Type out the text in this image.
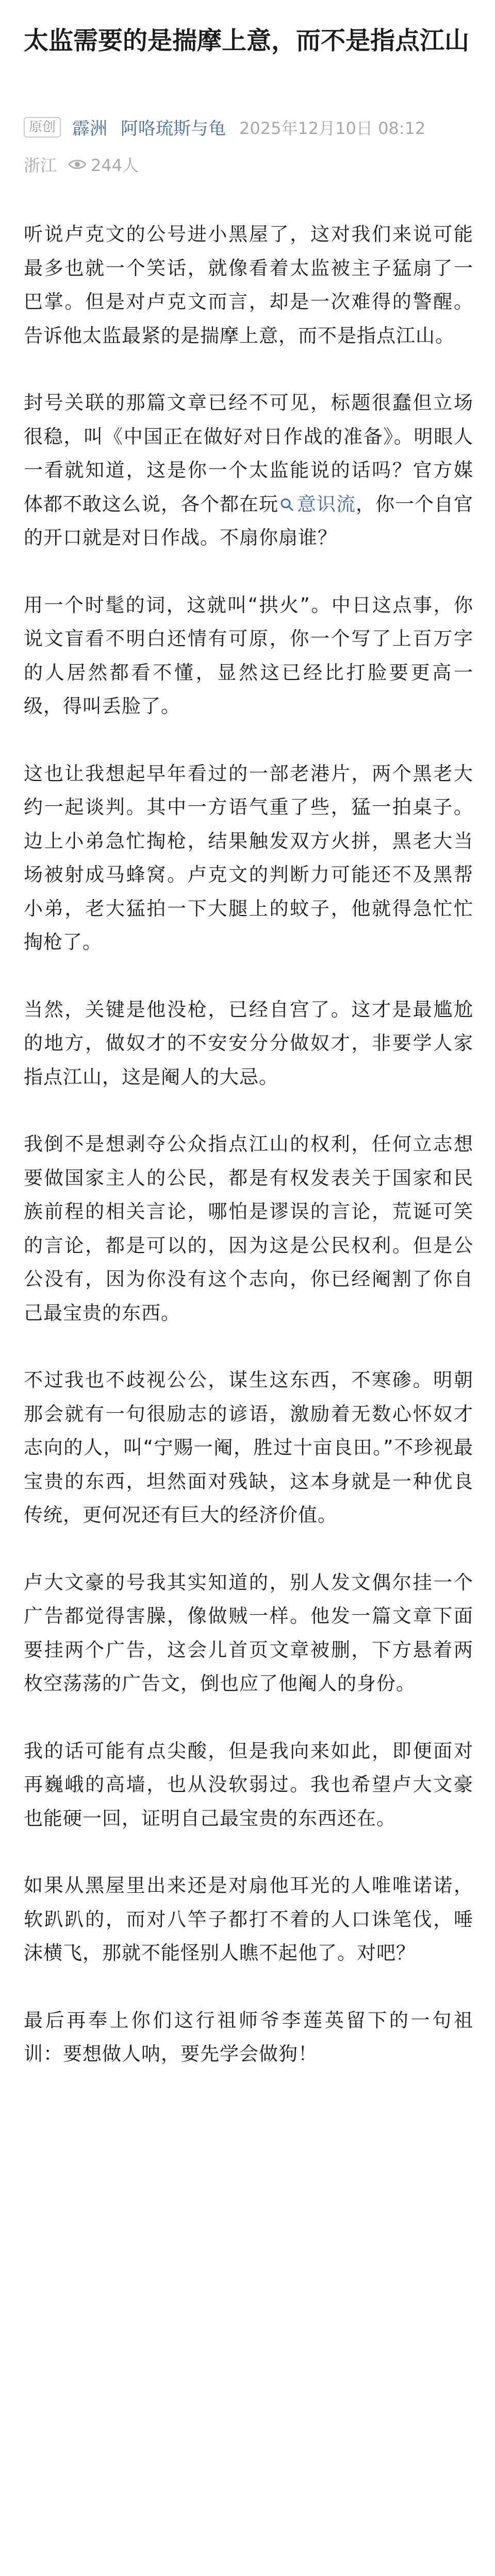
太监需要的是揣摩上意，而不是指点江山
原创 霹洲 阿咯琉斯与龟 2025年12月10日 08:12
浙江 244人

听说卢克文的公号进小黑屋了，这对我们来说可能最多也就一个笑话，就像看着太监被主子猛扇了一巴掌。但是对卢克文而言，却是一次难得的警醒。告诉他太监最紧的是揣摩上意，而不是指点江山。

封号关联的那篇文章已经不可见，标题很蠢但立场很稳，叫《中国正在做好对日作战的准备》。明眼人一看就知道，这是你一个太监能说的话吗？官方媒体都不敢这么说，各个都在玩 意识流，你一个自官的开口就是对日作战。不扇你扇谁？

用一个时髦的词，这就叫“拱火”。中日这点事，你说文盲看不明白还情有可原，你一个写了上百万字的人居然都看不懂，显然这已经比打脸要更高一级，得叫丢脸了。

这也让我想起早年看过的一部老港片，两个黑老大约一起谈判。其中一方语气重了些，猛一拍桌子。边上小弟急忙掏枪，结果触发双方火拼，黑老大当场被射成马蜂窝。卢克文的判断力可能还不及黑帮小弟，老大猛拍一下大腿上的蚊子，他就得急忙忙掏枪了。

当然，关键是他没枪，已经自宫了。这才是最尴尬的地方，做奴才的不安安分分做奴才，非要学人家指点江山，这是阉人的大忌。

我倒不是想剥夺公众指点江山的权利，任何立志想要做国家主人的公民，都是有权发表关于国家和民族前程的相关言论，哪怕是谬误的言论，荒诞可笑的言论，都是可以的，因为这是公民权利。但是公公没有，因为你没有这个志向，你已经阉割了你自己最宝贵的东西。

不过我也不歧视公公，谋生这东西，不寒碜。明朝那会就有一句很励志的谚语，激励着无数心怀奴才志向的人，叫“宁赐一阉，胜过十亩良田。”不珍视最宝贵的东西，坦然面对残缺，这本身就是一种优良传统，更何况还有巨大的经济价值。

卢大文豪的号我其实知道的，别人发文偶尔挂一个广告都觉得害臊，像做贼一样。他发一篇文章下面要挂两个广告，这会儿首页文章被删，下方悬着两枚空荡荡的广告文，倒也应了他阉人的身份。

我的话可能有点尖酸，但是我向来如此，即便面对再巍峨的高墙，也从没软弱过。我也希望卢大文豪也能硬一回，证明自己最宝贵的东西还在。

如果从黑屋里出来还是对扇他耳光的人唯唯诺诺，软趴趴的，而对八竿子都打不着的人口诛笔伐，唾沫横飞，那就不能怪别人瞧不起他了。对吧？

最后再奉上你们这行祖师爷李莲英留下的一句祖训：要想做人呐，要先学会做狗！
